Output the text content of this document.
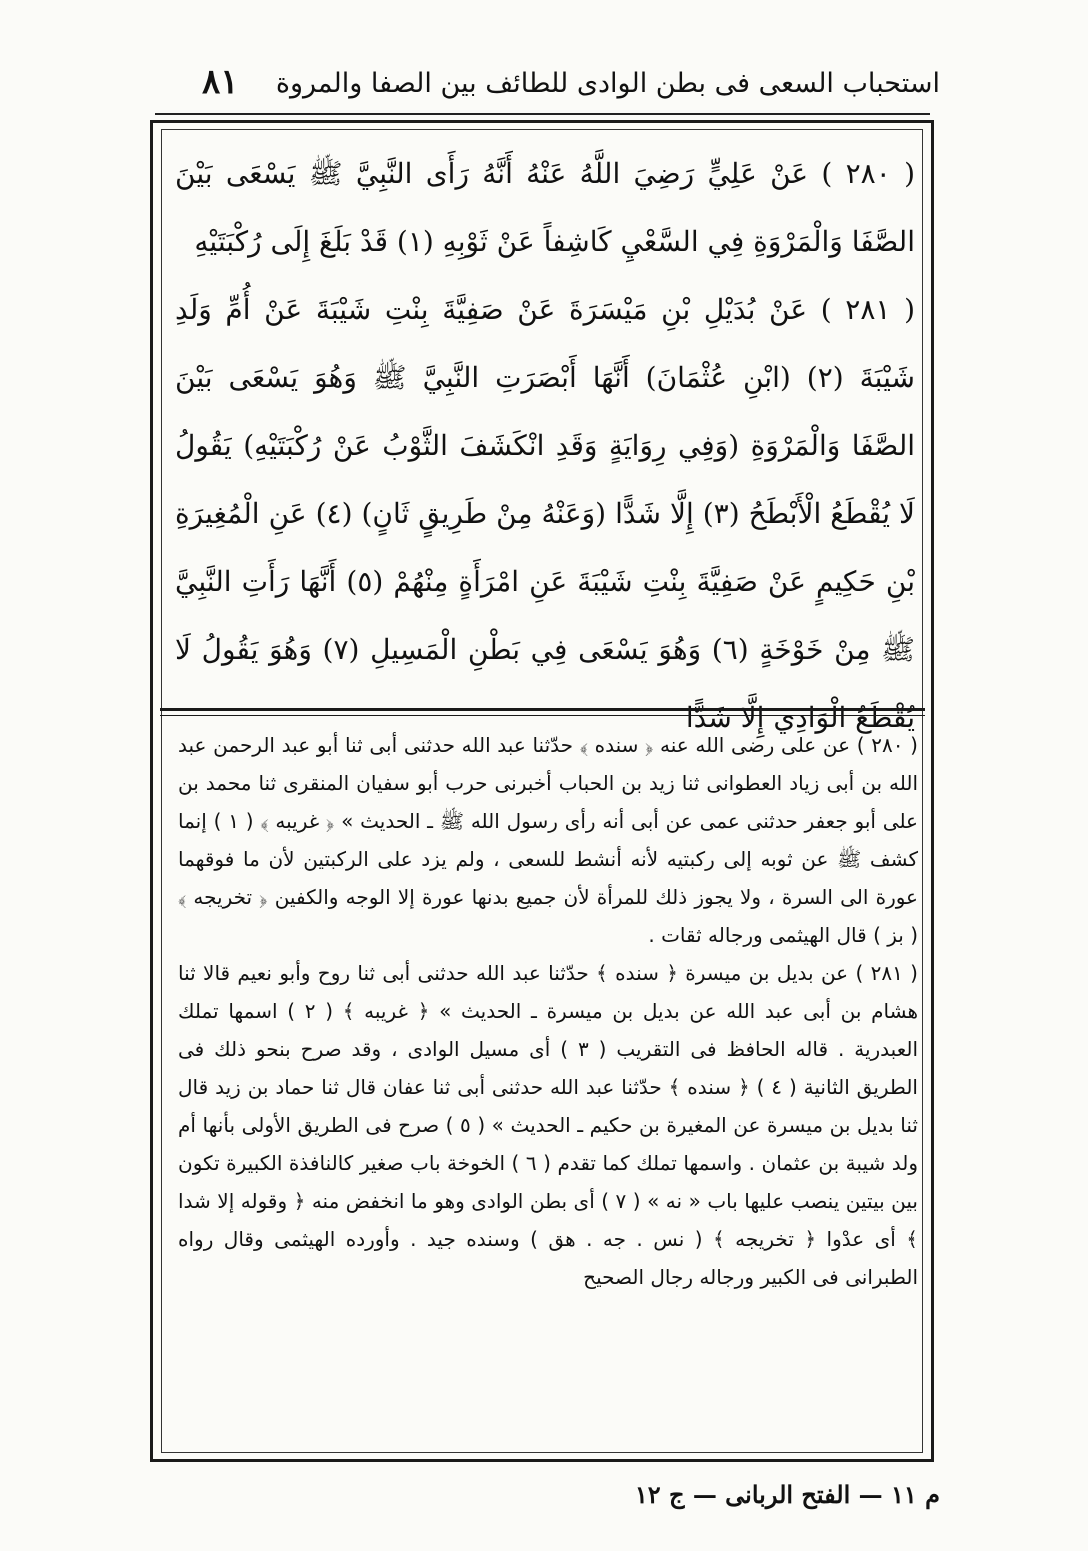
استحباب السعى فى بطن الوادى للطائف بين الصفا والمروة
٨١

( ٢٨٠ ) عَنْ عَلِيٍّ رَضِيَ اللَّهُ عَنْهُ أَنَّهُ رَأَى النَّبِيَّ ﷺ يَسْعَى بَيْنَ الصَّفَا وَالْمَرْوَةِ فِي السَّعْيِ كَاشِفاً عَنْ ثَوْبِهِ (١) قَدْ بَلَغَ إِلَى رُكْبَتَيْهِ

( ٢٨١ ) عَنْ بُدَيْلِ بْنِ مَيْسَرَةَ عَنْ صَفِيَّةَ بِنْتِ شَيْبَةَ عَنْ أُمِّ وَلَدِ شَيْبَةَ (٢) (ابْنِ عُثْمَانَ) أَنَّهَا أَبْصَرَتِ النَّبِيَّ ﷺ وَهُوَ يَسْعَى بَيْنَ الصَّفَا وَالْمَرْوَةِ (وَفِي رِوَايَةٍ وَقَدِ انْكَشَفَ الثَّوْبُ عَنْ رُكْبَتَيْهِ) يَقُولُ لَا يُقْطَعُ الْأَبْطَحُ (٣) إِلَّا شَدًّا (وَعَنْهُ مِنْ طَرِيقٍ ثَانٍ) (٤) عَنِ الْمُغِيرَةِ بْنِ حَكِيمٍ عَنْ صَفِيَّةَ بِنْتِ شَيْبَةَ عَنِ امْرَأَةٍ مِنْهُمْ (٥) أَنَّهَا رَأَتِ النَّبِيَّ ﷺ مِنْ خَوْخَةٍ (٦) وَهُوَ يَسْعَى فِي بَطْنِ الْمَسِيلِ (٧) وَهُوَ يَقُولُ لَا يُقْطَعُ الْوَادِي إِلَّا شَدًّا

( ٢٨٠ ) عن على رضى الله عنه ﴿ سنده ﴾ حدّثنا عبد الله حدثنى أبى ثنا أبو عبد الرحمن عبد الله بن أبى زياد العطوانى ثنا زيد بن الحباب أخبرنى حرب أبو سفيان المنقرى ثنا محمد بن على أبو جعفر حدثنى عمى عن أبى أنه رأى رسول الله ﷺ ـ الحديث » ﴿ غريبه ﴾ ( ١ ) إنما كشف ﷺ عن ثوبه إلى ركبتيه لأنه أنشط للسعى ، ولم يزد على الركبتين لأن ما فوقهما عورة الى السرة ، ولا يجوز ذلك للمرأة لأن جميع بدنها عورة إلا الوجه والكفين ﴿ تخريجه ﴾ ( بز ) قال الهيثمى ورجاله ثقات .

( ٢٨١ ) عن بديل بن ميسرة ﴿ سنده ﴾ حدّثنا عبد الله حدثنى أبى ثنا روح وأبو نعيم قالا ثنا هشام بن أبى عبد الله عن بديل بن ميسرة ـ الحديث » ﴿ غريبه ﴾ ( ٢ ) اسمها تملك العبدرية . قاله الحافظ فى التقريب ( ٣ ) أى مسيل الوادى ، وقد صرح بنحو ذلك فى الطريق الثانية ( ٤ ) ﴿ سنده ﴾ حدّثنا عبد الله حدثنى أبى ثنا عفان قال ثنا حماد بن زيد قال ثنا بديل بن ميسرة عن المغيرة بن حكيم ـ الحديث » ( ٥ ) صرح فى الطريق الأولى بأنها أم ولد شيبة بن عثمان . واسمها تملك كما تقدم ( ٦ ) الخوخة باب صغير كالنافذة الكبيرة تكون بين بيتين ينصب عليها باب « نه » ( ٧ ) أى بطن الوادى وهو ما انخفض منه ﴿ وقوله إلا شدا ﴾ أى عدْوا ﴿ تخريجه ﴾ ( نس . جه . هق ) وسنده جيد . وأورده الهيثمى وقال رواه الطبرانى فى الكبير ورجاله رجال الصحيح

م ١١ — الفتح الربانى — ج ١٢
